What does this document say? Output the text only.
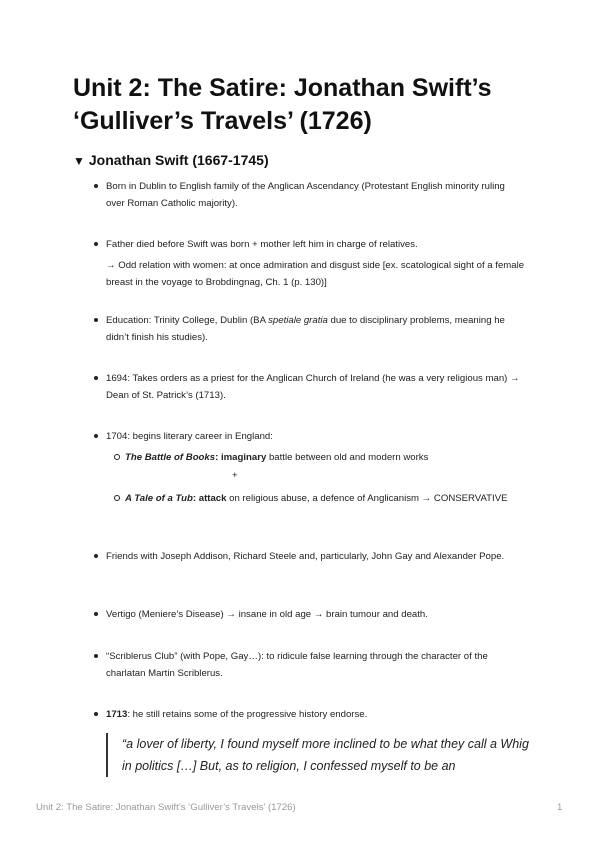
Unit 2: The Satire: Jonathan Swift’s ‘Gulliver’s Travels’ (1726)
▼ Jonathan Swift (1667-1745)
Born in Dublin to English family of the Anglican Ascendancy (Protestant English minority ruling over Roman Catholic majority).
Father died before Swift was born + mother left him in charge of relatives.
→ Odd relation with women: at once admiration and disgust side [ex. scatological sight of a female breast in the voyage to Brobdingnag, Ch. 1 (p. 130)]
Education: Trinity College, Dublin (BA spetiale gratia due to disciplinary problems, meaning he didn’t finish his studies).
1694: Takes orders as a priest for the Anglican Church of Ireland (he was a very religious man) → Dean of St. Patrick’s (1713).
1704: begins literary career in England:
The Battle of Books: imaginary battle between old and modern works
+
A Tale of a Tub: attack on religious abuse, a defence of Anglicanism → CONSERVATIVE
Friends with Joseph Addison, Richard Steele and, particularly, John Gay and Alexander Pope.
Vertigo (Meniere’s Disease) → insane in old age → brain tumour and death.
“Scriblerus Club” (with Pope, Gay…): to ridicule false learning through the character of the charlatan Martin Scriblerus.
1713: he still retains some of the progressive history endorse.
“a lover of liberty, I found myself more inclined to be what they call a Whig in politics […] But, as to religion, I confessed myself to be an
Unit 2: The Satire: Jonathan Swift’s ‘Gulliver’s Travels’ (1726)	1
